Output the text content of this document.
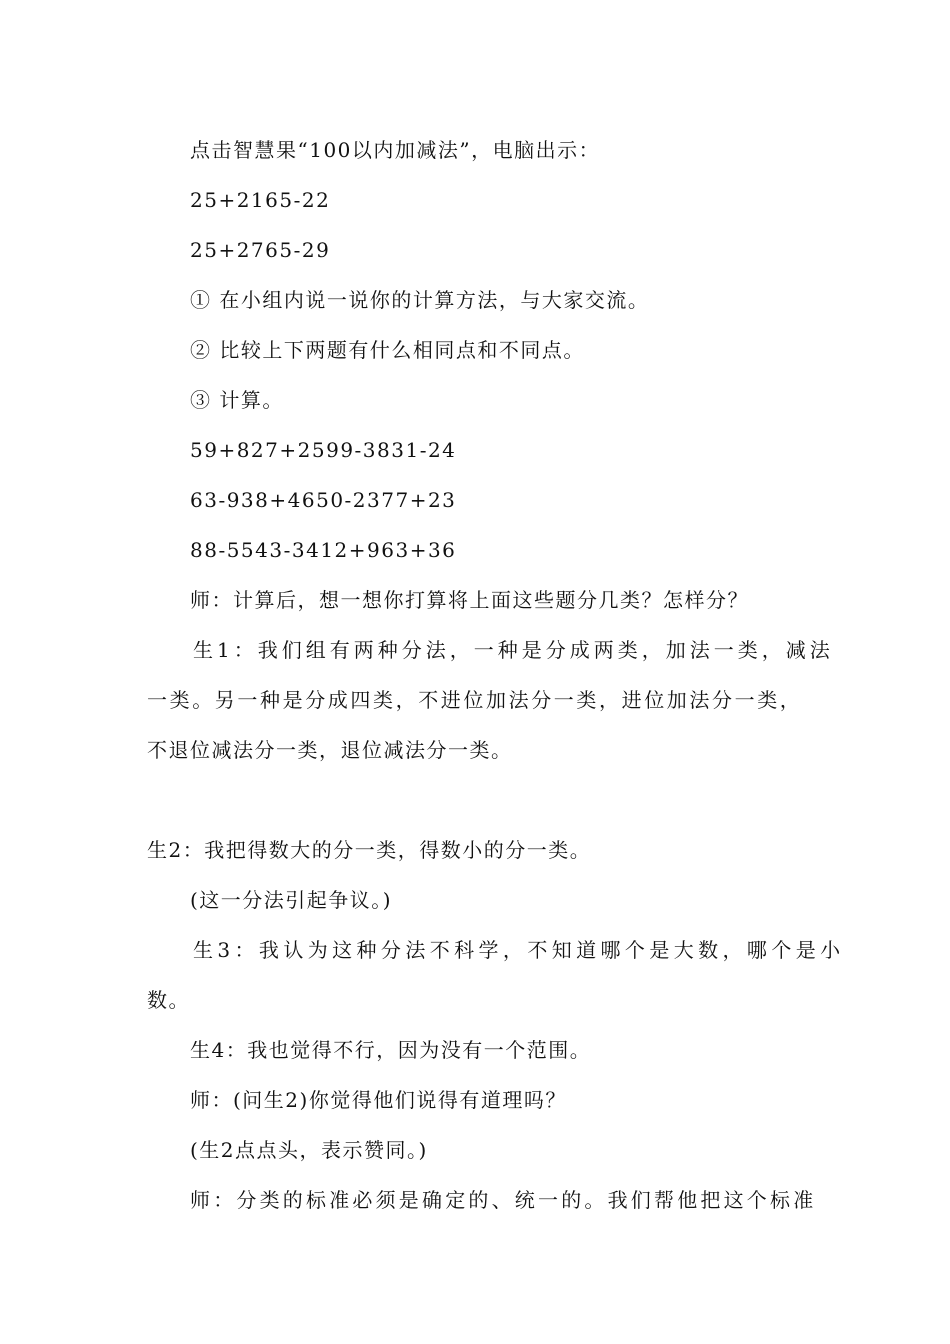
点击智慧果“100以内加减法”，电脑出示：
25+2165-22
25+2765-29
① 在小组内说一说你的计算方法，与大家交流。
② 比较上下两题有什么相同点和不同点。
③ 计算。
59+827+2599-3831-24
63-938+4650-2377+23
88-5543-3412+963+36
师：计算后，想一想你打算将上面这些题分几类？怎样分？
生1：我们组有两种分法，一种是分成两类，加法一类，减法
一类。另一种是分成四类，不进位加法分一类，进位加法分一类，
不退位减法分一类，退位减法分一类。
生2：我把得数大的分一类，得数小的分一类。
(这一分法引起争议。)
生3：我认为这种分法不科学，不知道哪个是大数，哪个是小
数。
生4：我也觉得不行，因为没有一个范围。
师：(问生2)你觉得他们说得有道理吗？
(生2点点头，表示赞同。)
师：分类的标准必须是确定的、统一的。我们帮他把这个标准
